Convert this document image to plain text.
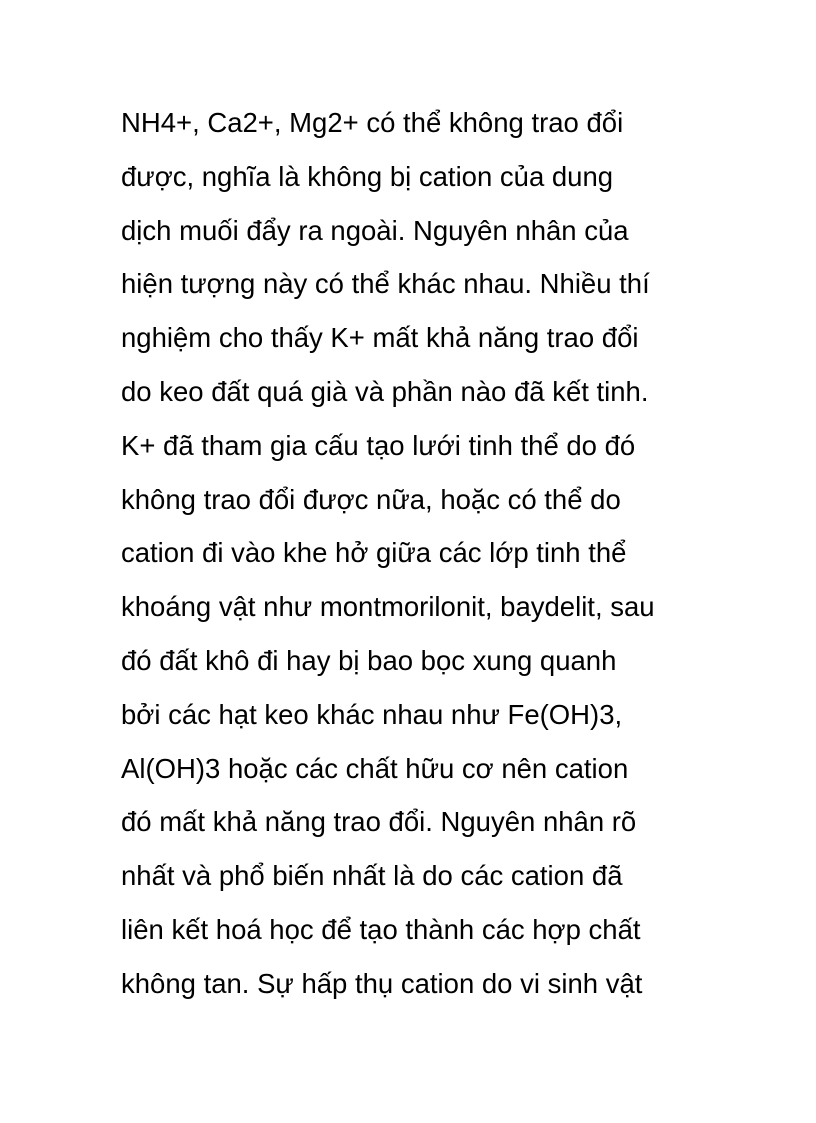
NH4+, Ca2+, Mg2+ có thể không trao đổi

được, nghĩa là không bị cation của dung

dịch muối đẩy ra ngoài. Nguyên nhân của

hiện tượng này có thể khác nhau. Nhiều thí

nghiệm cho thấy K+ mất khả năng trao đổi

do keo đất quá già và phần nào đã kết tinh.

K+ đã tham gia cấu tạo lưới tinh thể do đó

không trao đổi được nữa, hoặc có thể do

cation đi vào khe hở giữa các lớp tinh thể

khoáng vật như montmorilonit, baydelit, sau

đó đất khô đi hay bị bao bọc xung quanh

bởi các hạt keo khác nhau như Fe(OH)3,

Al(OH)3 hoặc các chất hữu cơ nên cation

đó mất khả năng trao đổi. Nguyên nhân rõ

nhất và phổ biến nhất là do các cation đã

liên kết hoá học để tạo thành các hợp chất

không tan. Sự hấp thụ cation do vi sinh vật
